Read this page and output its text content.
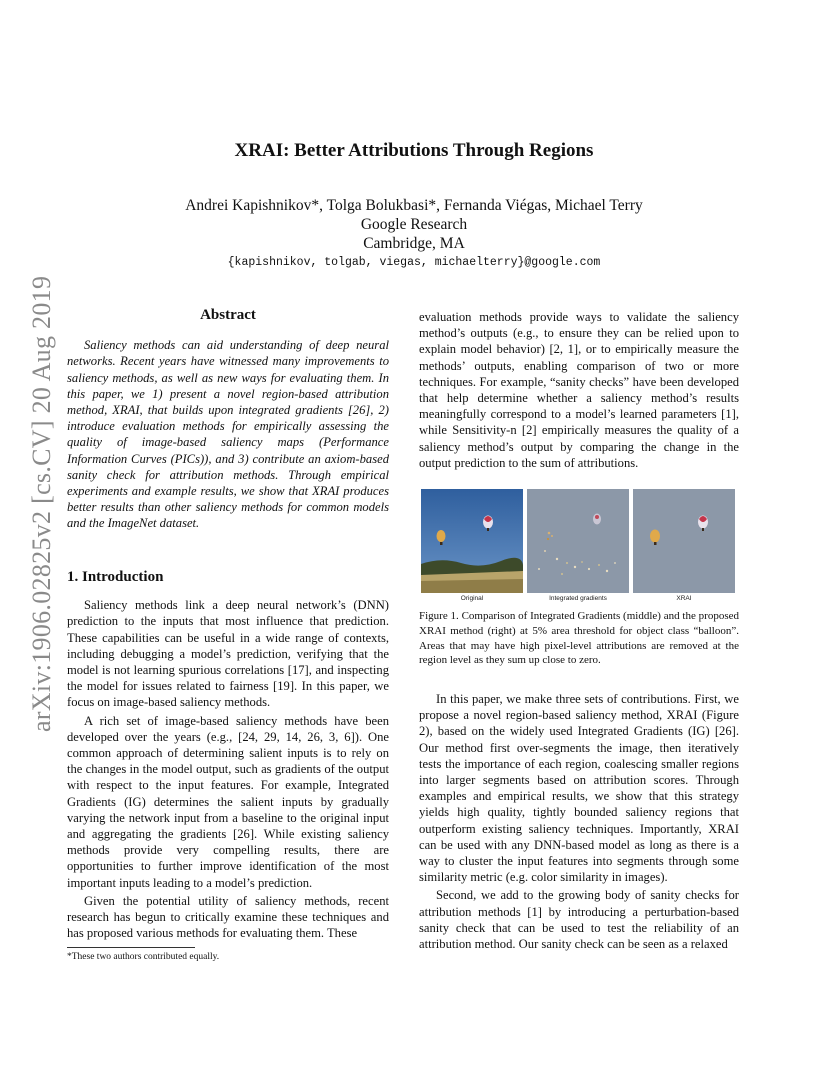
arXiv:1906.02825v2 [cs.CV] 20 Aug 2019
XRAI: Better Attributions Through Regions
Andrei Kapishnikov*, Tolga Bolukbasi*, Fernanda Viégas, Michael Terry
Google Research
Cambridge, MA
{kapishnikov, tolgab, viegas, michaelterry}@google.com
Abstract

Saliency methods can aid understanding of deep neural networks. Recent years have witnessed many improvements to saliency methods, as well as new ways for evaluating them. In this paper, we 1) present a novel region-based attribution method, XRAI, that builds upon integrated gradients [26], 2) introduce evaluation methods for empirically assessing the quality of image-based saliency maps (Performance Information Curves (PICs)), and 3) contribute an axiom-based sanity check for attribution methods. Through empirical experiments and example results, we show that XRAI produces better results than other saliency methods for common models and the ImageNet dataset.

1. Introduction

Saliency methods link a deep neural network’s (DNN) prediction to the inputs that most influence that prediction. These capabilities can be useful in a wide range of contexts, including debugging a model’s prediction, verifying that the model is not learning spurious correlations [17], and inspecting the model for issues related to fairness [19]. In this paper, we focus on image-based saliency methods.

A rich set of image-based saliency methods have been developed over the years (e.g., [24, 29, 14, 26, 3, 6]). One common approach of determining salient inputs is to rely on the changes in the model output, such as gradients of the output with respect to the input features. For example, Integrated Gradients (IG) determines the salient inputs by gradually varying the network input from a baseline to the original input and aggregating the gradients [26]. While existing saliency methods provide very compelling results, there are opportunities to further improve identification of the most important inputs leading to a model’s prediction.

Given the potential utility of saliency methods, recent research has begun to critically examine these techniques and has proposed various methods for evaluating them. These

evaluation methods provide ways to validate the saliency method’s outputs (e.g., to ensure they can be relied upon to explain model behavior) [2, 1], or to empirically measure the methods’ outputs, enabling comparison of two or more techniques. For example, “sanity checks” have been developed that help determine whether a saliency method’s results meaningfully correspond to a model’s learned parameters [1], while Sensitivity-n [2] empirically measures the quality of a saliency method’s output by comparing the change in the output prediction to the sum of attributions.
Original	Integrated gradients	XRAI
Figure 1. Comparison of Integrated Gradients (middle) and the proposed XRAI method (right) at 5% area threshold for object class “balloon”. Areas that may have high pixel-level attributions are removed at the region level as they sum up close to zero.

In this paper, we make three sets of contributions. First, we propose a novel region-based saliency method, XRAI (Figure 2), based on the widely used Integrated Gradients (IG) [26]. Our method first over-segments the image, then iteratively tests the importance of each region, coalescing smaller regions into larger segments based on attribution scores. Through examples and empirical results, we show that this strategy yields high quality, tightly bounded saliency regions that outperform existing saliency techniques. Importantly, XRAI can be used with any DNN-based model as long as there is a way to cluster the input features into segments through some similarity metric (e.g. color similarity in images).

Second, we add to the growing body of sanity checks for attribution methods [1] by introducing a perturbation-based sanity check that can be used to test the reliability of an attribution method. Our sanity check can be seen as a relaxed

*These two authors contributed equally.
